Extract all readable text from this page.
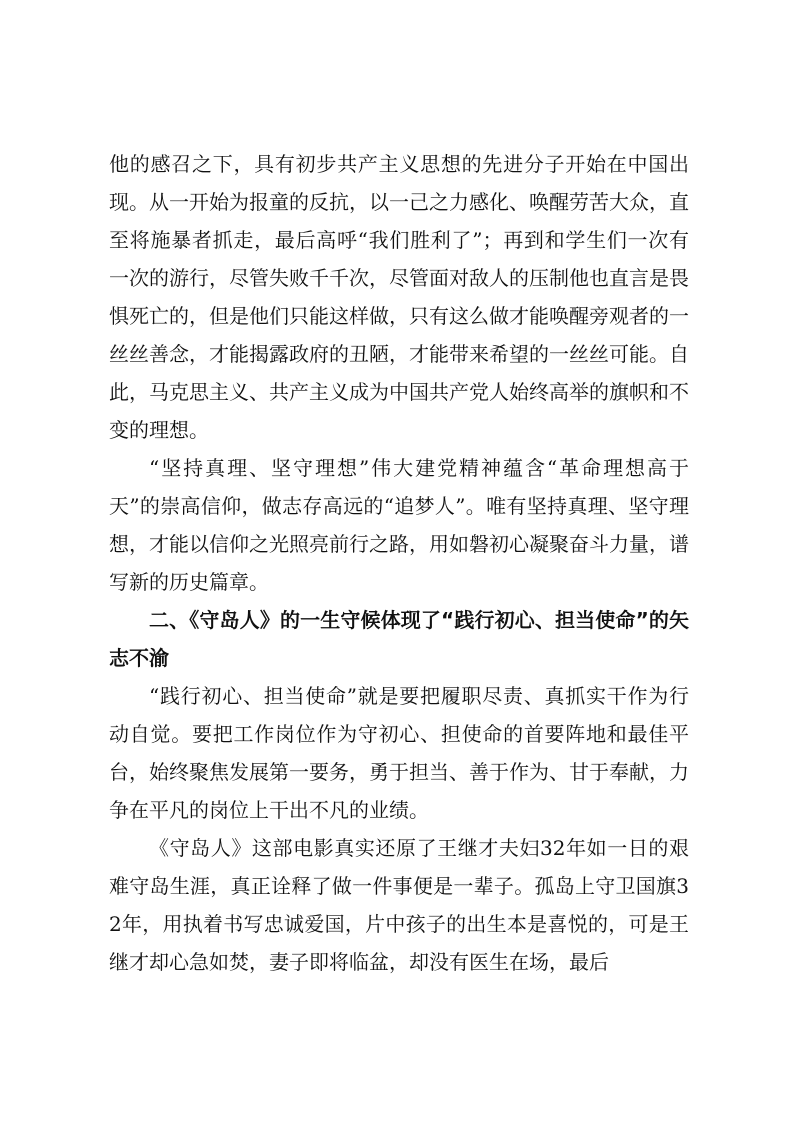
他的感召之下，具有初步共产主义思想的先进分子开始在中国出现。从一开始为报童的反抗，以一己之力感化、唤醒劳苦大众，直至将施暴者抓走，最后高呼“我们胜利了”；再到和学生们一次有一次的游行，尽管失败千千次，尽管面对敌人的压制他也直言是畏惧死亡的，但是他们只能这样做，只有这么做才能唤醒旁观者的一丝丝善念，才能揭露政府的丑陋，才能带来希望的一丝丝可能。自此，马克思主义、共产主义成为中国共产党人始终高举的旗帜和不变的理想。

“坚持真理、坚守理想”伟大建党精神蕴含“革命理想高于天”的崇高信仰，做志存高远的“追梦人”。唯有坚持真理、坚守理想，才能以信仰之光照亮前行之路，用如磐初心凝聚奋斗力量，谱写新的历史篇章。

二、《守岛人》的一生守候体现了“践行初心、担当使命”的矢志不渝

“践行初心、担当使命”就是要把履职尽责、真抓实干作为行动自觉。要把工作岗位作为守初心、担使命的首要阵地和最佳平台，始终聚焦发展第一要务，勇于担当、善于作为、甘于奉献，力争在平凡的岗位上干出不凡的业绩。

《守岛人》这部电影真实还原了王继才夫妇32年如一日的艰难守岛生涯，真正诠释了做一件事便是一辈子。孤岛上守卫国旗32年，用执着书写忠诚爱国，片中孩子的出生本是喜悦的，可是王继才却心急如焚，妻子即将临盆，却没有医生在场，最后
